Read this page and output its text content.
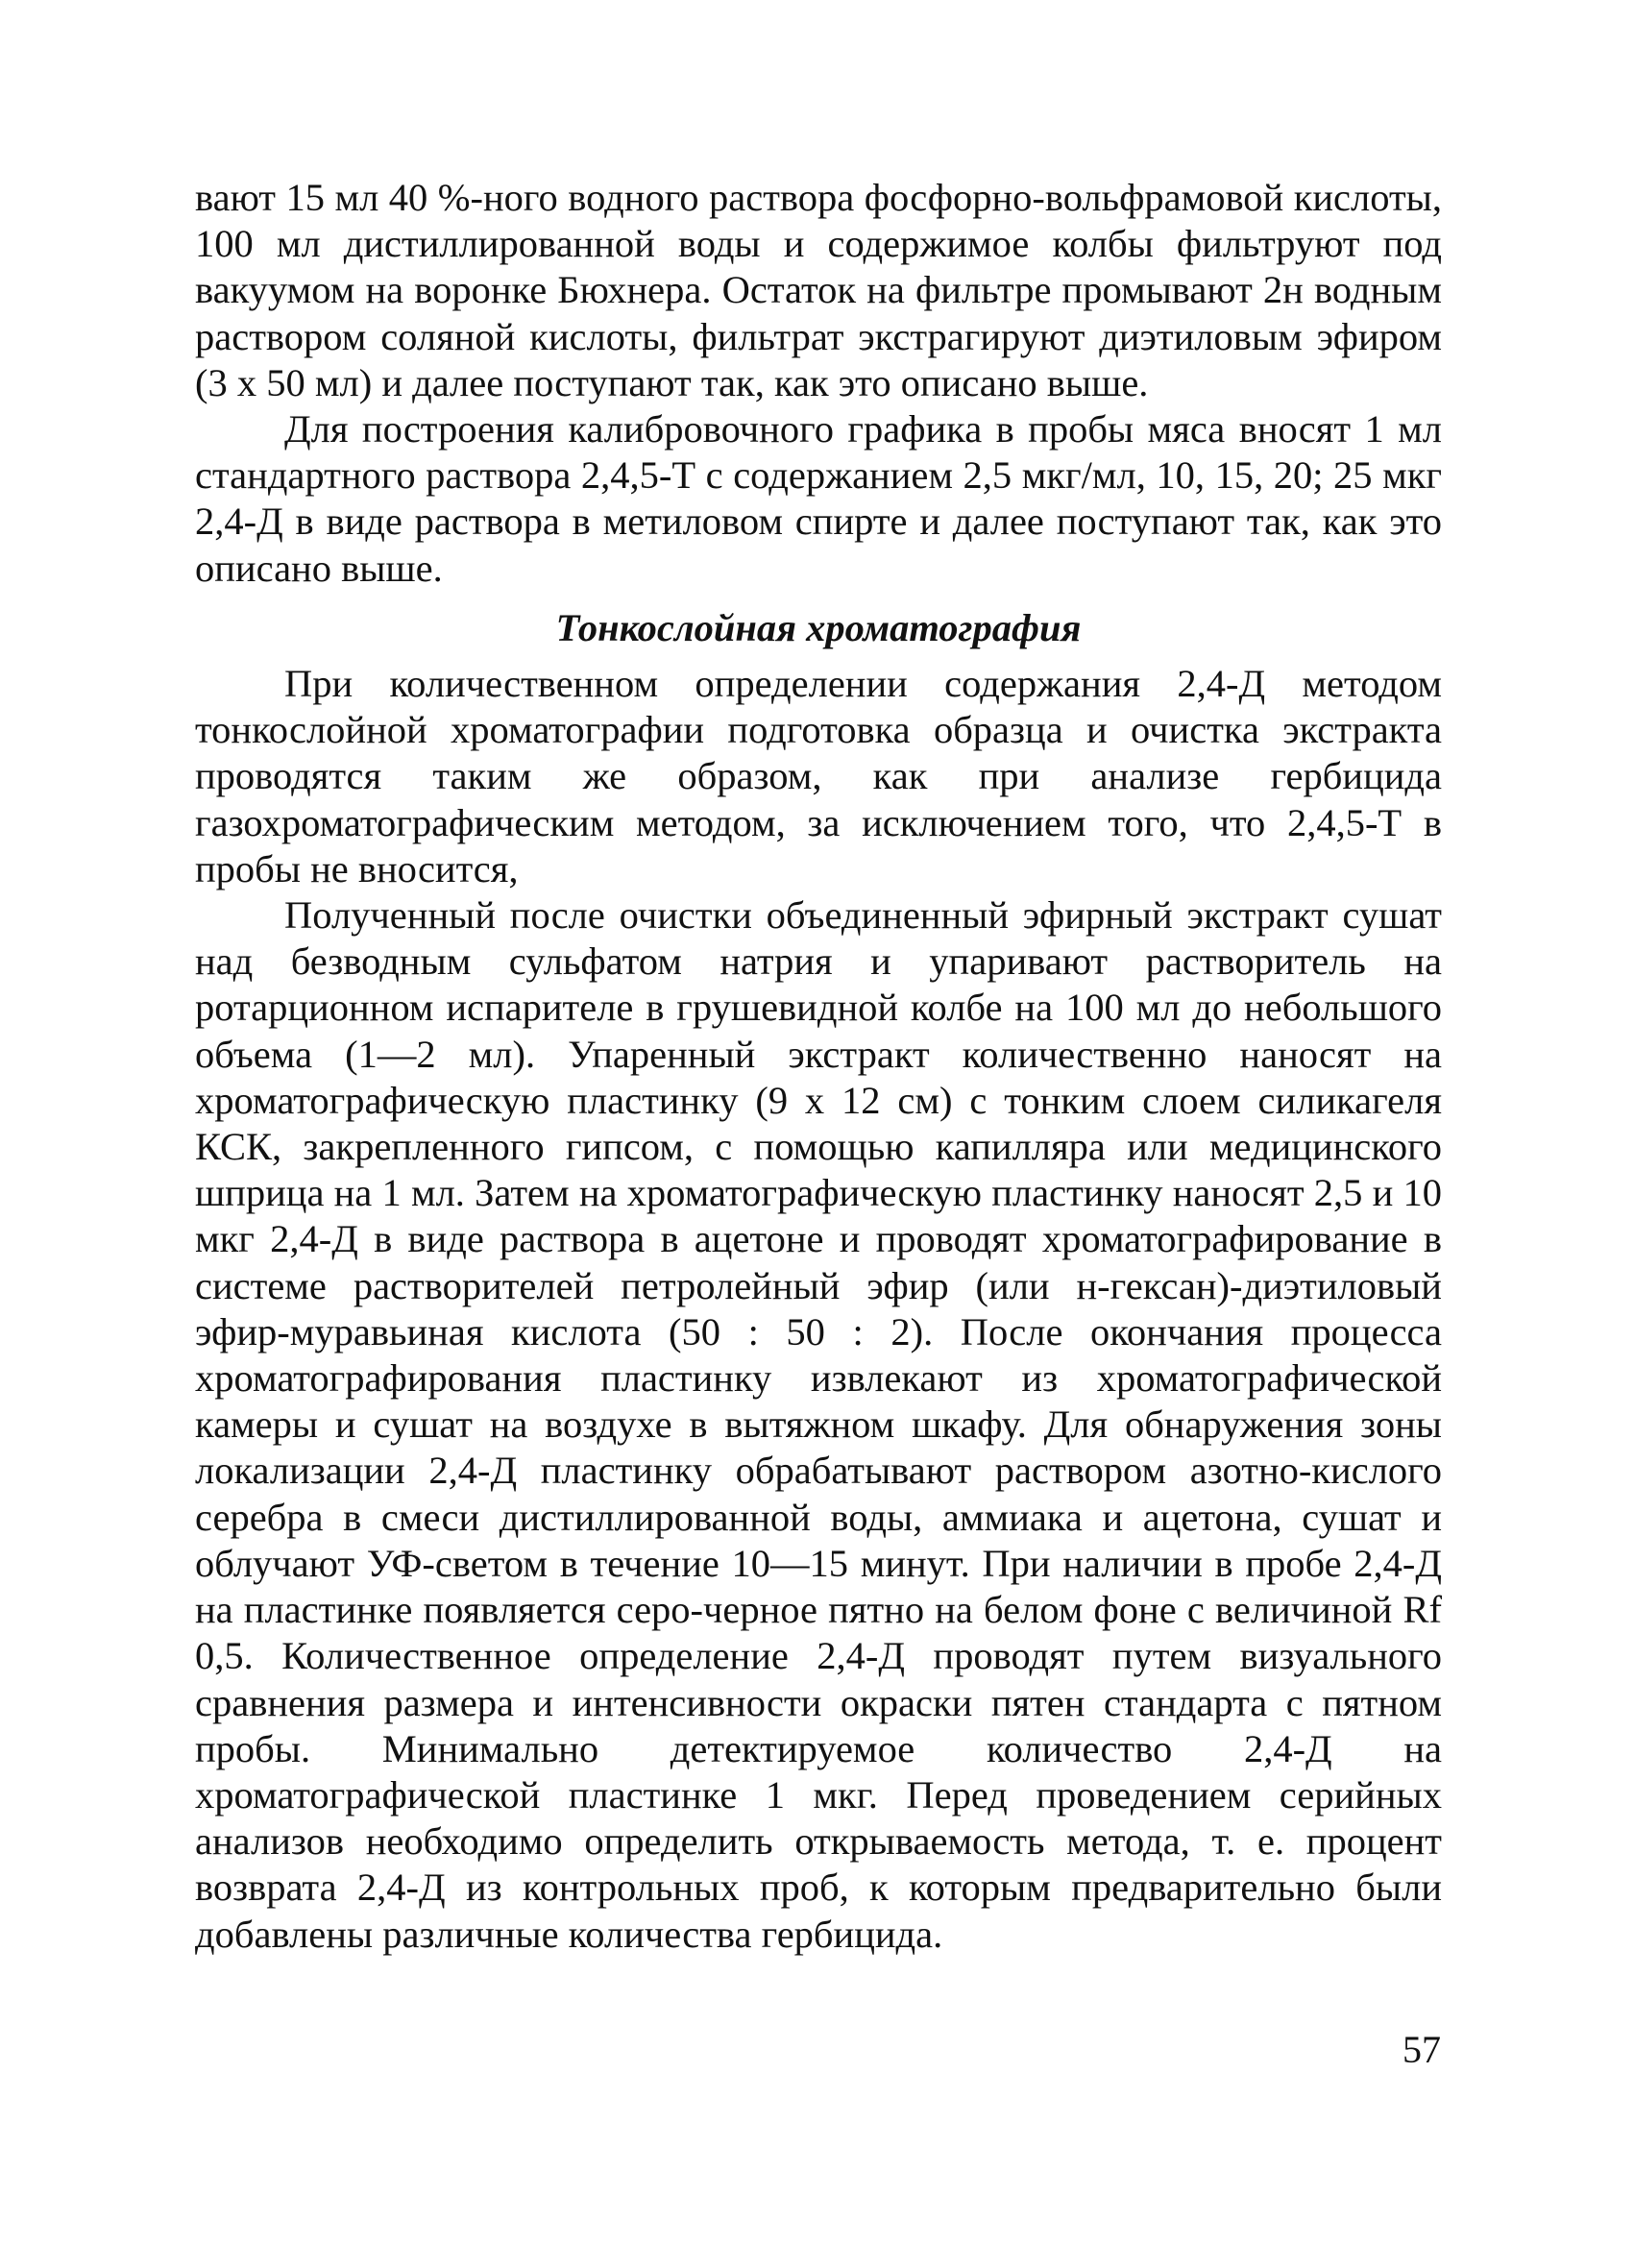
вают 15 мл 40 %-ного водного раствора фосфорно-вольфрамовой кислоты, 100 мл дистиллированной воды и содержимое колбы фильтруют под вакуумом на воронке Бюхнера. Остаток на фильтре промывают 2н водным раствором соляной кислоты, фильтрат экстрагируют диэтиловым эфиром (3 х 50 мл) и далее поступают так, как это описано выше.

Для построения калибровочного графика в пробы мяса вносят 1 мл стандартного раствора 2,4,5-Т с содержанием 2,5 мкг/мл, 10, 15, 20; 25 мкг 2,4-Д в виде раствора в метиловом спирте и далее поступают так, как это описано выше.

Тонкослойная хроматография

При количественном определении содержания 2,4-Д методом тонкослойной хроматографии подготовка образца и очистка экстракта проводятся таким же образом, как при анализе гербицида газохроматографическим методом, за исключением того, что 2,4,5-Т в пробы не вносится,

Полученный после очистки объединенный эфирный экстракт сушат над безводным сульфатом натрия и упаривают растворитель на ротарционном испарителе в грушевидной колбе на 100 мл до небольшого объема (1—2 мл). Упаренный экстракт количественно наносят на хроматографическую пластинку (9 х 12 см) с тонким слоем силикагеля КСК, закрепленного гипсом, с помощью капилляра или медицинского шприца на 1 мл. Затем на хроматографическую пластинку наносят 2,5 и 10 мкг 2,4-Д в виде раствора в ацетоне и проводят хроматографирование в системе растворителей петролейный эфир (или н-гексан)-диэтиловый эфир-муравьиная кислота (50 : 50 : 2). После окончания процесса хроматографирования пластинку извлекают из хроматографической камеры и сушат на воздухе в вытяжном шкафу. Для обнаружения зоны локализации 2,4-Д пластинку обрабатывают раствором азотно-кислого серебра в смеси дистиллированной воды, аммиака и ацетона, сушат и облучают УФ-светом в течение 10—15 минут. При наличии в пробе 2,4-Д на пластинке появляется серо-черное пятно на белом фоне с величиной Rf 0,5. Количественное определение 2,4-Д проводят путем визуального сравнения размера и интенсивности окраски пятен стандарта с пятном пробы. Минимально детектируемое количество 2,4-Д на хроматографической пластинке 1 мкг. Перед проведением серийных анализов необходимо определить открываемость метода, т. е. процент возврата 2,4-Д из контрольных проб, к которым предварительно были добавлены различные количества гербицида.

57
